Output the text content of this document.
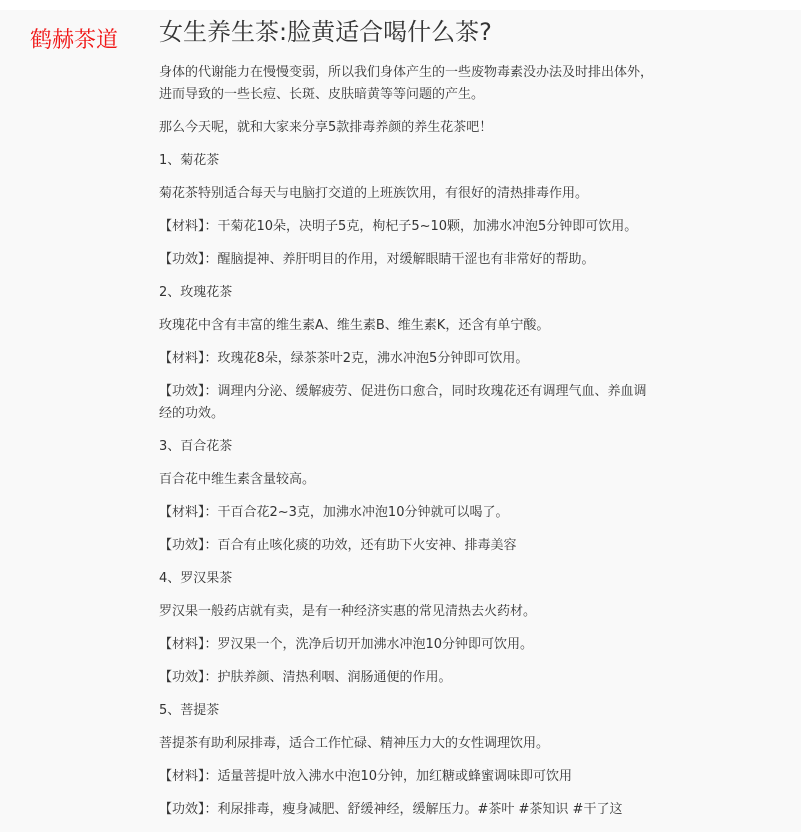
鹤赫茶道 女生养生茶:脸黄适合喝什么茶?

身体的代谢能力在慢慢变弱，所以我们身体产生的一些废物毒素没办法及时排出体外，进而导致的一些长痘、长斑、皮肤暗黄等等问题的产生。

那么今天呢，就和大家来分享5款排毒养颜的养生花茶吧！

1、菊花茶

菊花茶特别适合每天与电脑打交道的上班族饮用，有很好的清热排毒作用。

【材料】：干菊花10朵，决明子5克，枸杞子5~10颗，加沸水冲泡5分钟即可饮用。

【功效】：醒脑提神、养肝明目的作用，对缓解眼睛干涩也有非常好的帮助。

2、玫瑰花茶

玫瑰花中含有丰富的维生素A、维生素B、维生素K，还含有单宁酸。

【材料】：玫瑰花8朵，绿茶茶叶2克，沸水冲泡5分钟即可饮用。

【功效】：调理内分泌、缓解疲劳、促进伤口愈合，同时玫瑰花还有调理气血、养血调经的功效。

3、百合花茶

百合花中维生素含量较高。

【材料】：干百合花2~3克，加沸水冲泡10分钟就可以喝了。

【功效】：百合有止咳化痰的功效，还有助下火安神、排毒美容

4、罗汉果茶

罗汉果一般药店就有卖，是有一种经济实惠的常见清热去火药材。

【材料】：罗汉果一个，洗净后切开加沸水冲泡10分钟即可饮用。

【功效】：护肤养颜、清热利咽、润肠通便的作用。

5、菩提茶

菩提茶有助利尿排毒，适合工作忙碌、精神压力大的女性调理饮用。

【材料】：适量菩提叶放入沸水中泡10分钟，加红糖或蜂蜜调味即可饮用

【功效】：利尿排毒，瘦身减肥、舒缓神经，缓解压力。#茶叶 #茶知识 #干了这
